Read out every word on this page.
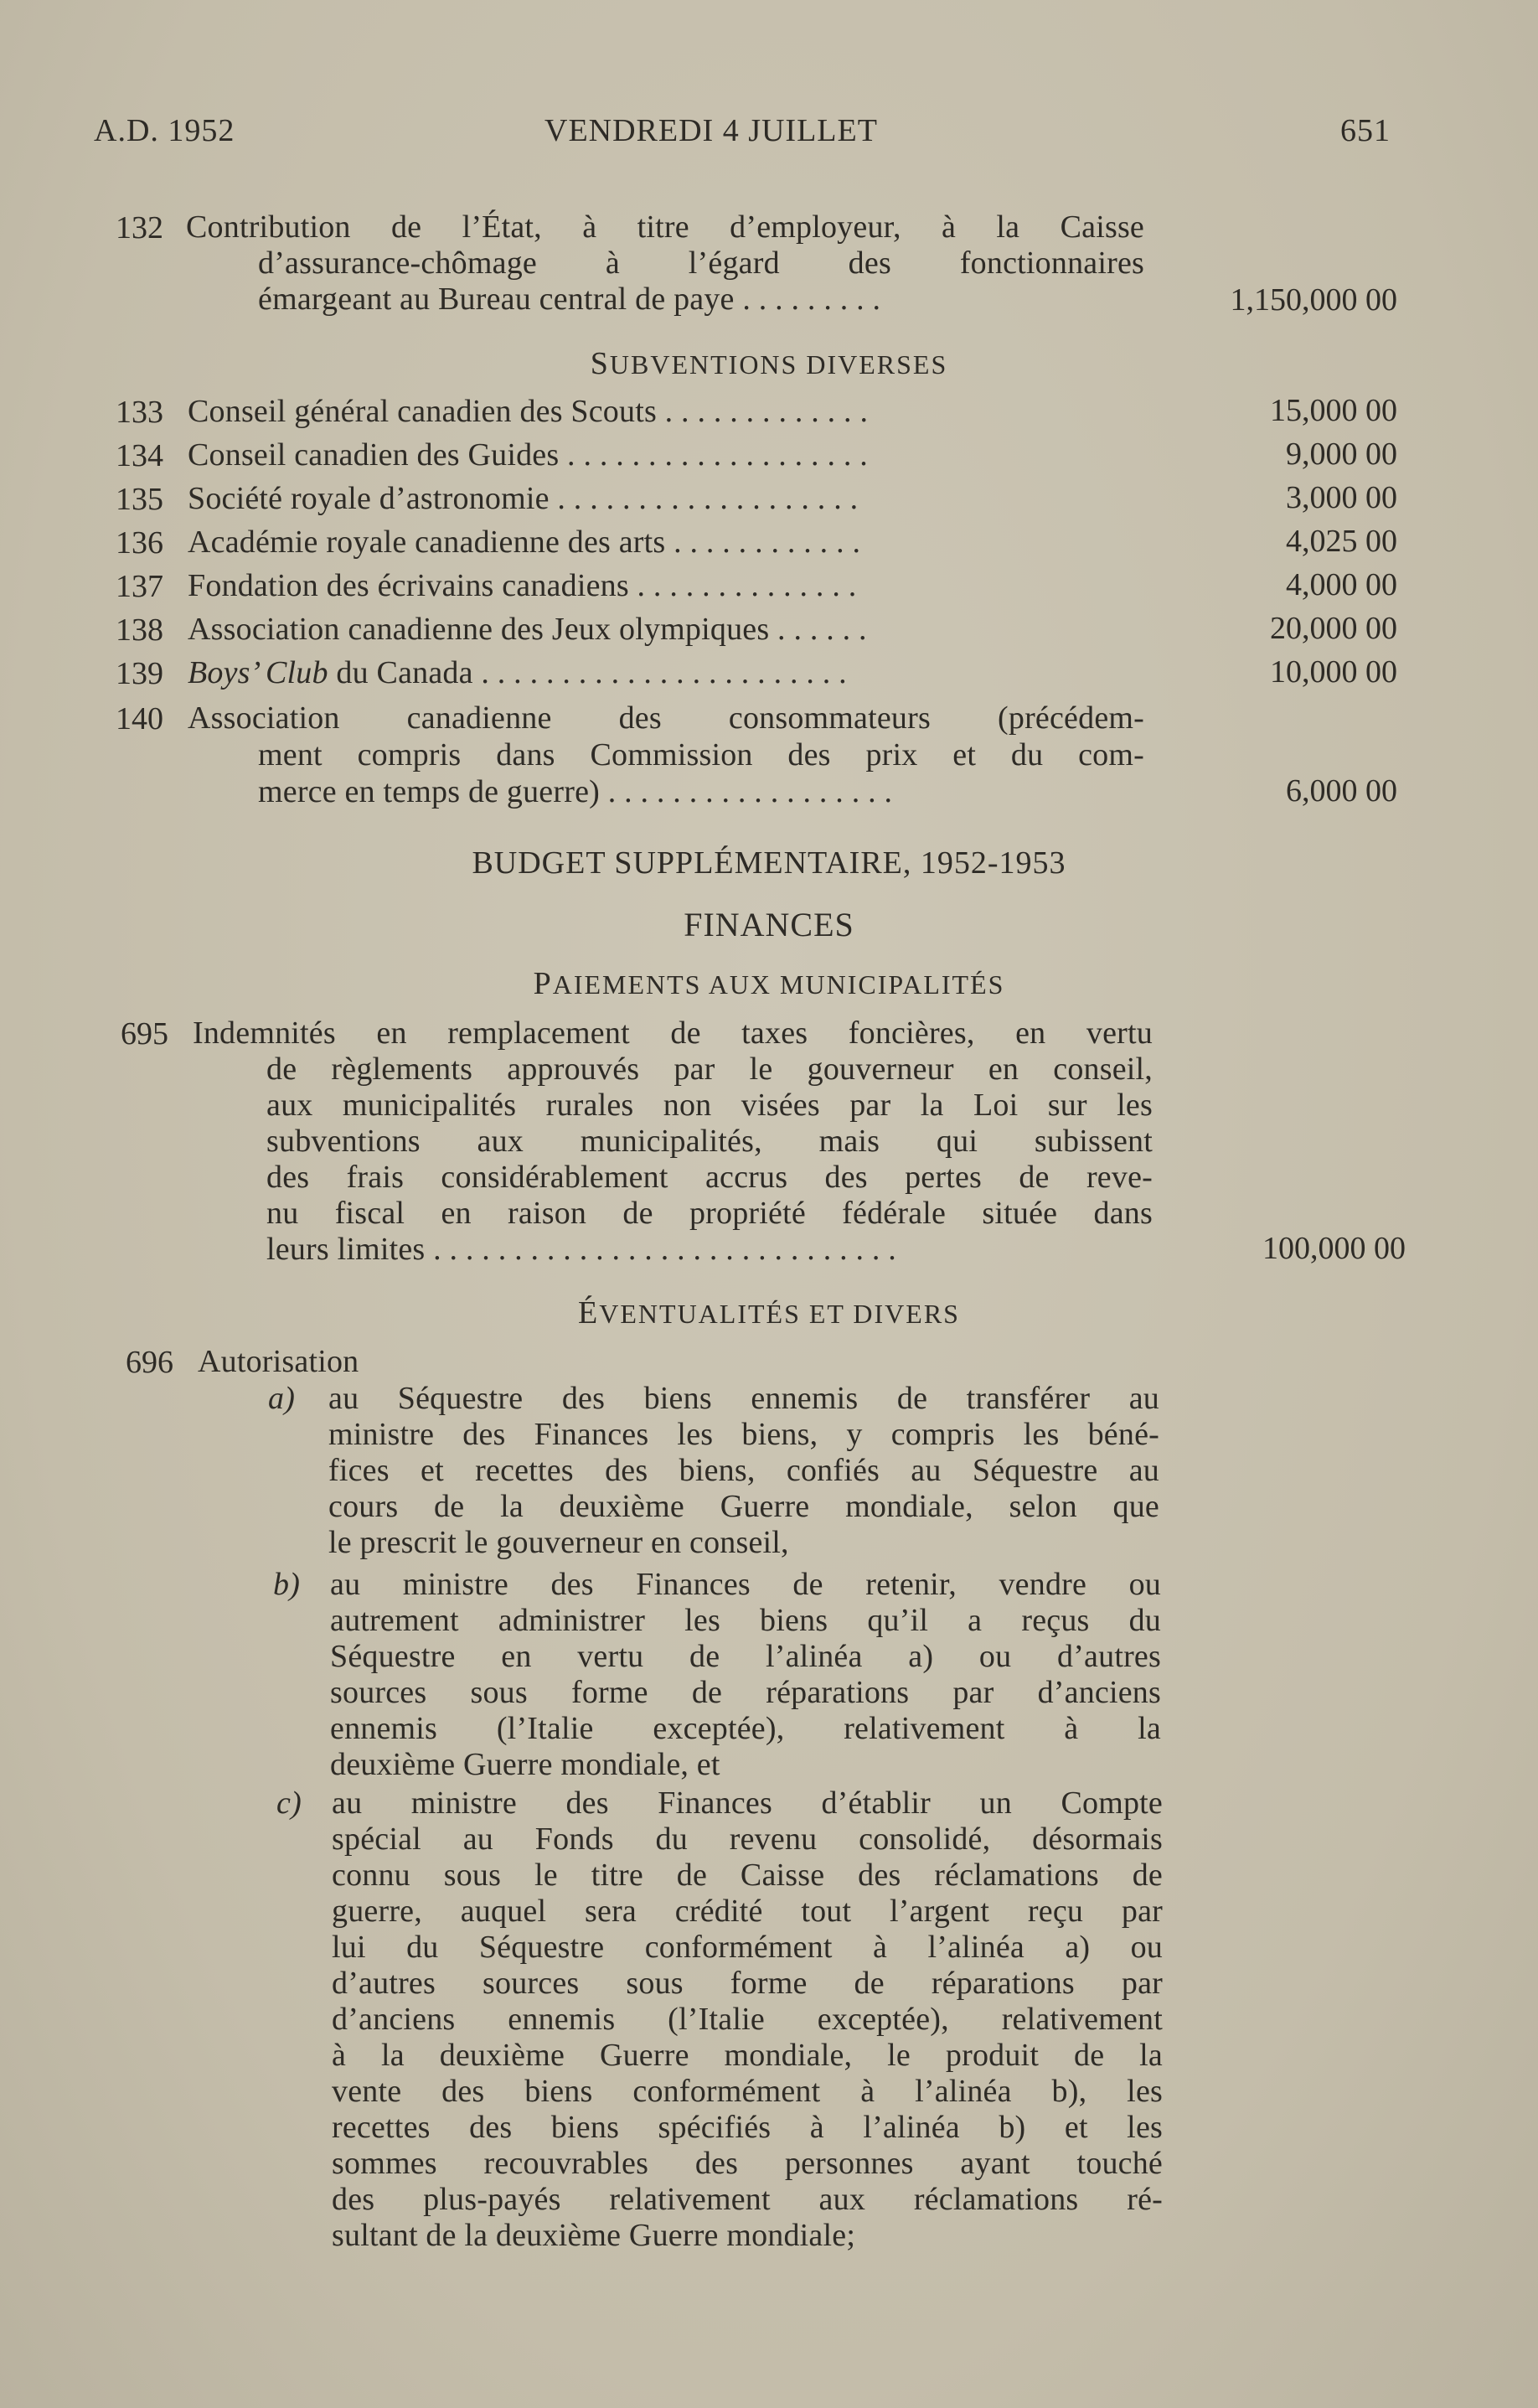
A.D. 1952	VENDREDI 4 JUILLET	651
132 Contribution de l’État, à titre d’employeur, à la Caisse
d’assurance-chômage à l’égard des fonctionnaires
émargeant au Bureau central de paye . . . . . . . . .	1,150,000 00
SUBVENTIONS DIVERSES
133 Conseil général canadien des Scouts . . . . . . . . . . . . .	15,000 00
134 Conseil canadien des Guides . . . . . . . . . . . . . . . . . . .	9,000 00
135 Société royale d’astronomie . . . . . . . . . . . . . . . . . . .	3,000 00
136 Académie royale canadienne des arts . . . . . . . . . . . .	4,025 00
137 Fondation des écrivains canadiens . . . . . . . . . . . . . .	4,000 00
138 Association canadienne des Jeux olympiques . . . . . .	20,000 00
139 Boys’ Club du Canada . . . . . . . . . . . . . . . . . . . . . . .	10,000 00
140 Association canadienne des consommateurs (précédem-
ment compris dans Commission des prix et du com-
merce en temps de guerre) . . . . . . . . . . . . . . . . . .	6,000 00
BUDGET SUPPLÉMENTAIRE, 1952-1953
FINANCES
PAIEMENTS AUX MUNICIPALITÉS
695 Indemnités en remplacement de taxes foncières, en vertu
de règlements approuvés par le gouverneur en conseil,
aux municipalités rurales non visées par la Loi sur les
subventions aux municipalités, mais qui subissent
des frais considérablement accrus des pertes de reve-
nu fiscal en raison de propriété fédérale située dans
leurs limites . . . . . . . . . . . . . . . . . . . . . . . . . . . . .	100,000 00
ÉVENTUALITÉS ET DIVERS
696 Autorisation
a) au Séquestre des biens ennemis de transférer au
ministre des Finances les biens, y compris les béné-
fices et recettes des biens, confiés au Séquestre au
cours de la deuxième Guerre mondiale, selon que
le prescrit le gouverneur en conseil,
b) au ministre des Finances de retenir, vendre ou
autrement administrer les biens qu’il a reçus du
Séquestre en vertu de l’alinéa a) ou d’autres
sources sous forme de réparations par d’anciens
ennemis (l’Italie exceptée), relativement à la
deuxième Guerre mondiale, et
c) au ministre des Finances d’établir un Compte
spécial au Fonds du revenu consolidé, désormais
connu sous le titre de Caisse des réclamations de
guerre, auquel sera crédité tout l’argent reçu par
lui du Séquestre conformément à l’alinéa a) ou
d’autres sources sous forme de réparations par
d’anciens ennemis (l’Italie exceptée), relativement
à la deuxième Guerre mondiale, le produit de la
vente des biens conformément à l’alinéa b), les
recettes des biens spécifiés à l’alinéa b) et les
sommes recouvrables des personnes ayant touché
des plus-payés relativement aux réclamations ré-
sultant de la deuxième Guerre mondiale;
